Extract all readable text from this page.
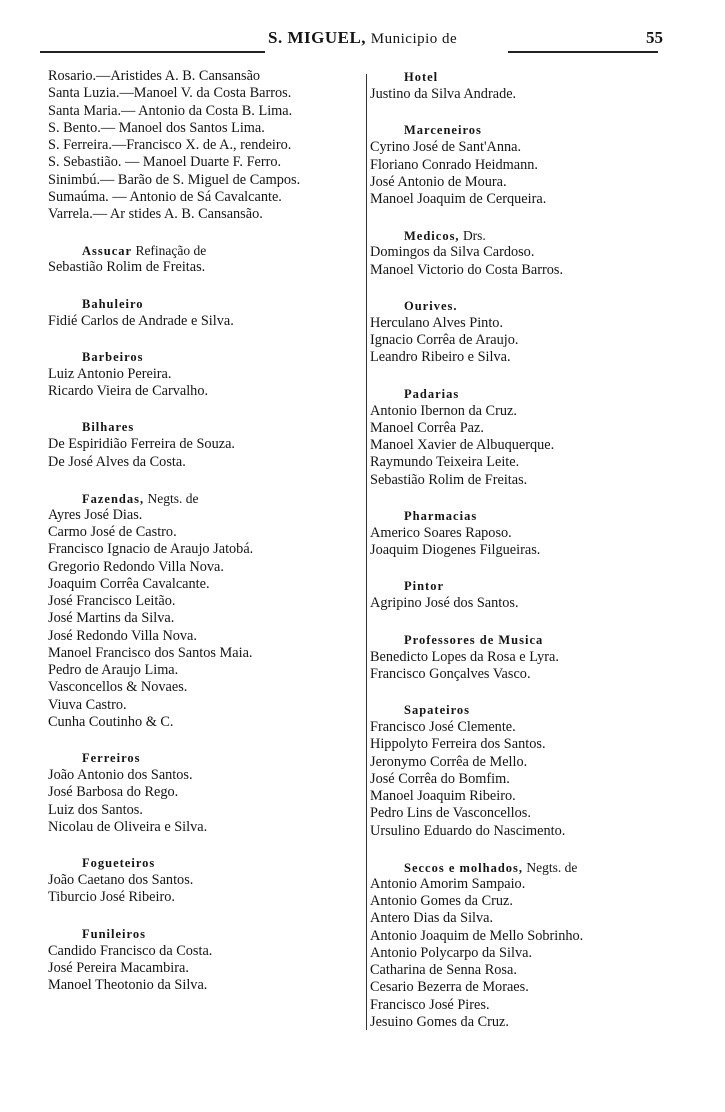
S. MIGUEL, Municipio de	55
Rosario.—Aristides A. B. Cansansão
Santa Luzia.—Manoel V. da Costa Barros.
Santa Maria.— Antonio da Costa B. Lima.
S. Bento.— Manoel dos Santos Lima.
S. Ferreira.—Francisco X. de A., rendeiro.
S. Sebastião. — Manoel Duarte F. Ferro.
Sinimbú.— Barão de S. Miguel de Campos.
Sumaúma. — Antonio de Sá Cavalcante.
Varrela.— Ar stides A. B. Cansansão.
Assucar Refinação de
Sebastião Rolim de Freitas.
Bahuleiro
Fidié Carlos de Andrade e Silva.
Barbeiros
Luiz Antonio Pereira.
Ricardo Vieira de Carvalho.
Bilhares
De Espiridião Ferreira de Souza.
De José Alves da Costa.
Fazendas, Negts. de
Ayres José Dias.
Carmo José de Castro.
Francisco Ignacio de Araujo Jatobá.
Gregorio Redondo Villa Nova.
Joaquim Corrêa Cavalcante.
José Francisco Leitão.
José Martins da Silva.
José Redondo Villa Nova.
Manoel Francisco dos Santos Maia.
Pedro de Araujo Lima.
Vasconcellos & Novaes.
Viuva Castro.
Cunha Coutinho & C.
Ferreiros
João Antonio dos Santos.
José Barbosa do Rego.
Luiz dos Santos.
Nicolau de Oliveira e Silva.
Fogueteiros
João Caetano dos Santos.
Tiburcio José Ribeiro.
Funileiros
Candido Francisco da Costa.
José Pereira Macambira.
Manoel Theotonio da Silva.
Hotel
Justino da Silva Andrade.
Marceneiros
Cyrino José de Sant'Anna.
Floriano Conrado Heidmann.
José Antonio de Moura.
Manoel Joaquim de Cerqueira.
Medicos, Drs.
Domingos da Silva Cardoso.
Manoel Victorio do Costa Barros.
Ourives.
Herculano Alves Pinto.
Ignacio Corrêa de Araujo.
Leandro Ribeiro e Silva.
Padarias
Antonio Ibernon da Cruz.
Manoel Corrêa Paz.
Manoel Xavier de Albuquerque.
Raymundo Teixeira Leite.
Sebastião Rolim de Freitas.
Pharmacias
Americo Soares Raposo.
Joaquim Diogenes Filgueiras.
Pintor
Agripino José dos Santos.
Professores de Musica
Benedicto Lopes da Rosa e Lyra.
Francisco Gonçalves Vasco.
Sapateiros
Francisco José Clemente.
Hippolyto Ferreira dos Santos.
Jeronymo Corrêa de Mello.
José Corrêa do Bomfim.
Manoel Joaquim Ribeiro.
Pedro Lins de Vasconcellos.
Ursulino Eduardo do Nascimento.
Seccos e molhados, Negts. de
Antonio Amorim Sampaio.
Antonio Gomes da Cruz.
Antero Dias da Silva.
Antonio Joaquim de Mello Sobrinho.
Antonio Polycarpo da Silva.
Catharina de Senna Rosa.
Cesario Bezerra de Moraes.
Francisco José Pires.
Jesuino Gomes da Cruz.
